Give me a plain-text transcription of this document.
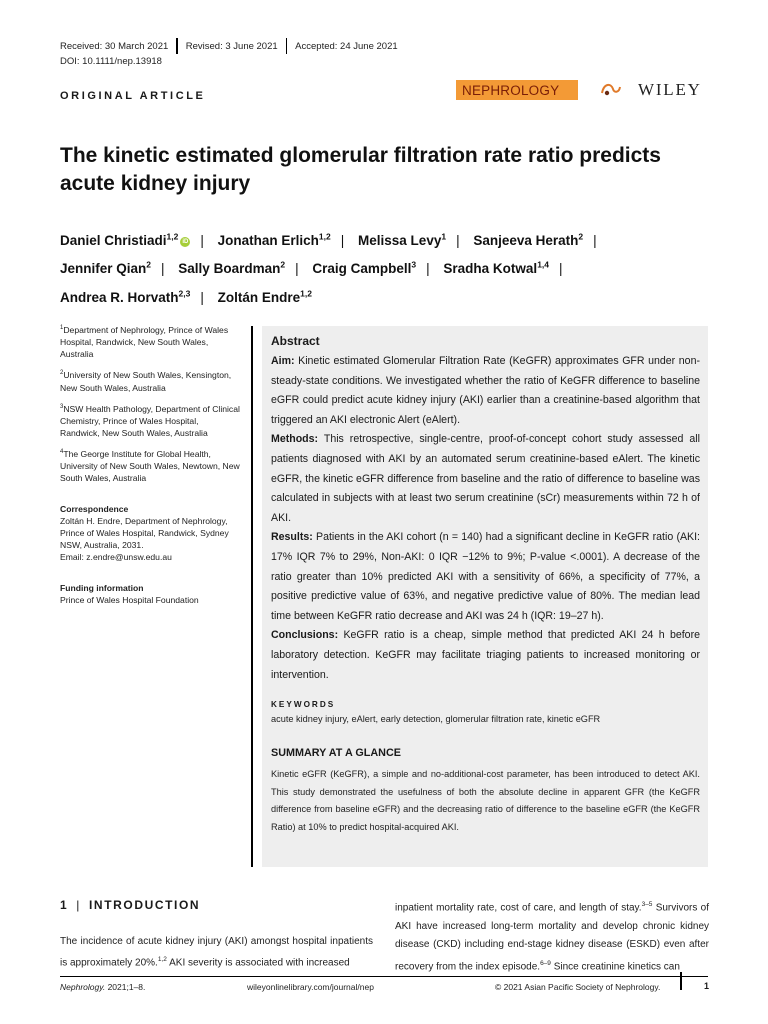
Received: 30 March 2021 Revised: 3 June 2021 Accepted: 24 June 2021
DOI: 10.1111/nep.13918
ORIGINAL ARTICLE	NEPHROLOGY	WILEY
The kinetic estimated glomerular filtration rate ratio predicts acute kidney injury
Daniel Christiadi$^{1,2}$iD | Jonathan Erlich$^{1,2}$ | Melissa Levy$^1$ | Sanjeeva Herath$^2$ |
Jennifer Qian$^2$ | Sally Boardman$^2$ | Craig Campbell$^3$ | Sradha Kotwal$^{1,4}$ |
Andrea R. Horvath$^{2,3}$ | Zoltán Endre$^{1,2}$

$^1$Department of Nephrology, Prince of Wales Hospital, Randwick, New South Wales, Australia

$^2$University of New South Wales, Kensington, New South Wales, Australia

$^3$NSW Health Pathology, Department of Clinical Chemistry, Prince of Wales Hospital, Randwick, New South Wales, Australia

$^4$The George Institute for Global Health, University of New South Wales, Newtown, New South Wales, Australia

Correspondence

Zoltán H. Endre, Department of Nephrology, Prince of Wales Hospital, Randwick, Sydney NSW, Australia, 2031.

Email: z.endre@unsw.edu.au

Funding information

Prince of Wales Hospital Foundation

Abstract

Aim: Kinetic estimated Glomerular Filtration Rate (KeGFR) approximates GFR under non-steady-state conditions. We investigated whether the ratio of KeGFR difference to baseline eGFR could predict acute kidney injury (AKI) earlier than a creatinine-based algorithm that triggered an AKI electronic Alert (eAlert).

Methods: This retrospective, single-centre, proof-of-concept cohort study assessed all patients diagnosed with AKI by an automated serum creatinine-based eAlert. The kinetic eGFR, the kinetic eGFR difference from baseline and the ratio of difference to baseline was calculated in subjects with at least two serum creatinine (sCr) measurements within 72 h of AKI.

Results: Patients in the AKI cohort (n = 140) had a significant decline in KeGFR ratio (AKI: 17% IQR 7% to 29%, Non-AKI: 0 IQR −12% to 9%; P-value <.0001). A decrease of the ratio greater than 10% predicted AKI with a sensitivity of 66%, a specificity of 77%, a positive predictive value of 63%, and negative predictive value of 80%. The median lead time between KeGFR ratio decrease and AKI was 24 h (IQR: 19–27 h).

Conclusions: KeGFR ratio is a cheap, simple method that predicted AKI 24 h before laboratory detection. KeGFR may facilitate triaging patients to increased monitoring or intervention.

KEYWORDS
acute kidney injury, eAlert, early detection, glomerular filtration rate, kinetic eGFR
SUMMARY AT A GLANCE
Kinetic eGFR (KeGFR), a simple and no-additional-cost parameter, has been introduced to detect AKI. This study demonstrated the usefulness of both the absolute decline in apparent GFR (the KeGFR difference from baseline eGFR) and the decreasing ratio of difference to the baseline eGFR (the KeGFR Ratio) at 10% to predict hospital-acquired AKI.
1 | INTRODUCTION
The incidence of acute kidney injury (AKI) amongst hospital inpatients is approximately 20%.$^{1,2}$ AKI severity is associated with increased
inpatient mortality rate, cost of care, and length of stay.$^{3-5}$ Survivors of AKI have increased long-term mortality and develop chronic kidney disease (CKD) including end-stage kidney disease (ESKD) even after recovery from the index episode.$^{6-9}$ Since creatinine kinetics can
Nephrology. 2021;1–8.	wileyonlinelibrary.com/journal/nep	© 2021 Asian Pacific Society of Nephrology.	1
